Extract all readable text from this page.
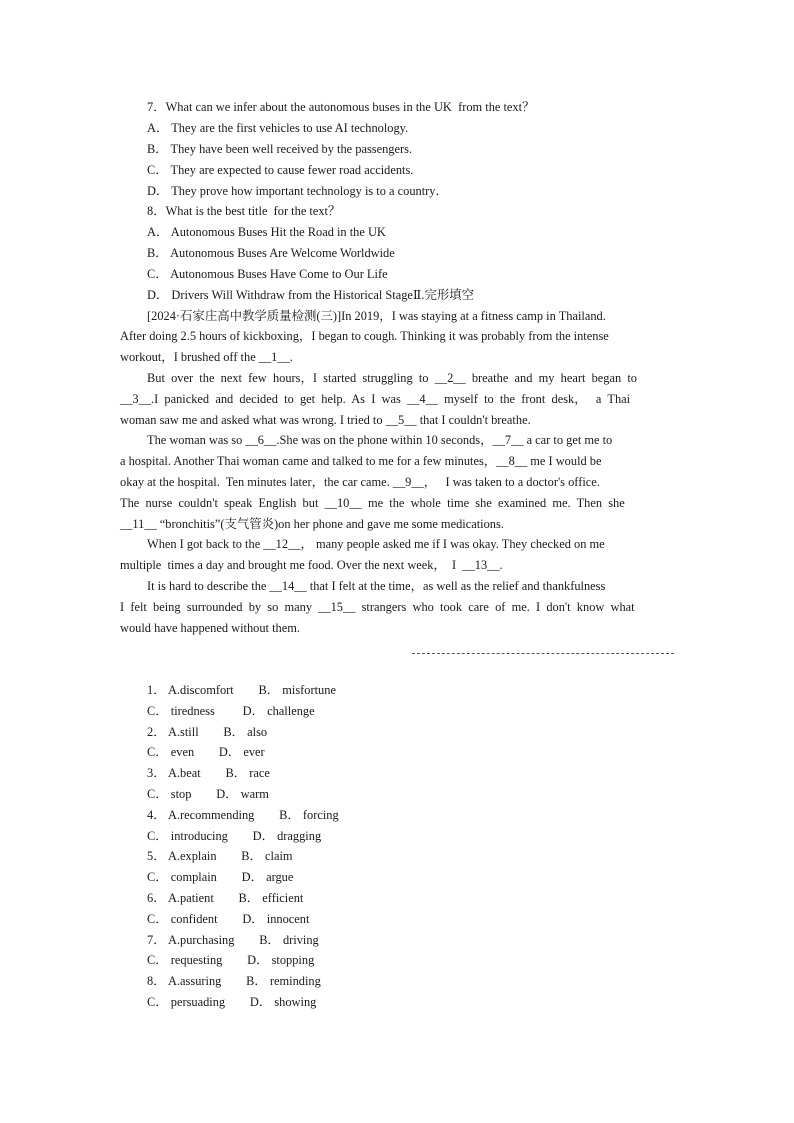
7．What can we infer about the autonomous buses in the UK  from the text？
A． They are the first vehicles to use AI technology.
B． They have been well received by the passengers.
C． They are expected to cause fewer road accidents.
D． They prove how important technology is to a country．
8．What is the best title  for the text？
A． Autonomous Buses Hit the Road in the UK
B． Autonomous Buses Are Welcome Worldwide
C． Autonomous Buses Have Come to Our Life
D． Drivers Will Withdraw from the Historical StageⅡ.完形填空
[2024·石家庄高中教学质量检测(三)]In 2019，I was staying at a fitness camp in Thailand.
After doing 2.5 hours of kickboxing，I began to cough. Thinking it was probably from the intense
workout，I brushed off the __1__.
But  over  the  next  few  hours，I  started  struggling  to  __2__  breathe  and  my  heart  began  to
__3__.I  panicked  and  decided  to  get  help.  As  I  was  __4__  myself  to  the  front  desk，   a  Thai
woman saw me and asked what was wrong. I tried to __5__ that I couldn't breathe.
The woman was so __6__.She was on the phone within 10 seconds，__7__ a car to get me to
a hospital. Another Thai woman came and talked to me for a few minutes，__8__ me I would be
okay at the hospital.  Ten minutes later，the car came. __9__，   I was taken to a doctor's office.
The  nurse  couldn't  speak  English  but  __10__  me  the  whole  time  she  examined  me.  Then  she
__11__ “bronchitis”(支气管炎)on her phone and gave me some medications.
When I got back to the __12__， many people asked me if I was okay. They checked on me
multiple  times a day and brought me food. Over the next week，  I  __13__.
It is hard to describe the __14__ that I felt at the time，as well as the relief and thankfulness
I  felt  being  surrounded  by  so  many  __15__  strangers  who  took  care  of  me.  I  don't  know  what
would have happened without them.
1． A.discomfort        B． misfortune
C． tiredness         D． challenge
2． A.still        B． also
C． even        D． ever
3． A.beat        B． race
C． stop        D． warm
4． A.recommending        B． forcing
C． introducing        D． dragging
5． A.explain        B． claim
C． complain        D． argue
6． A.patient        B． efficient
C． confident        D． innocent
7． A.purchasing        B． driving
C． requesting        D． stopping
8． A.assuring        B． reminding
C． persuading        D． showing
